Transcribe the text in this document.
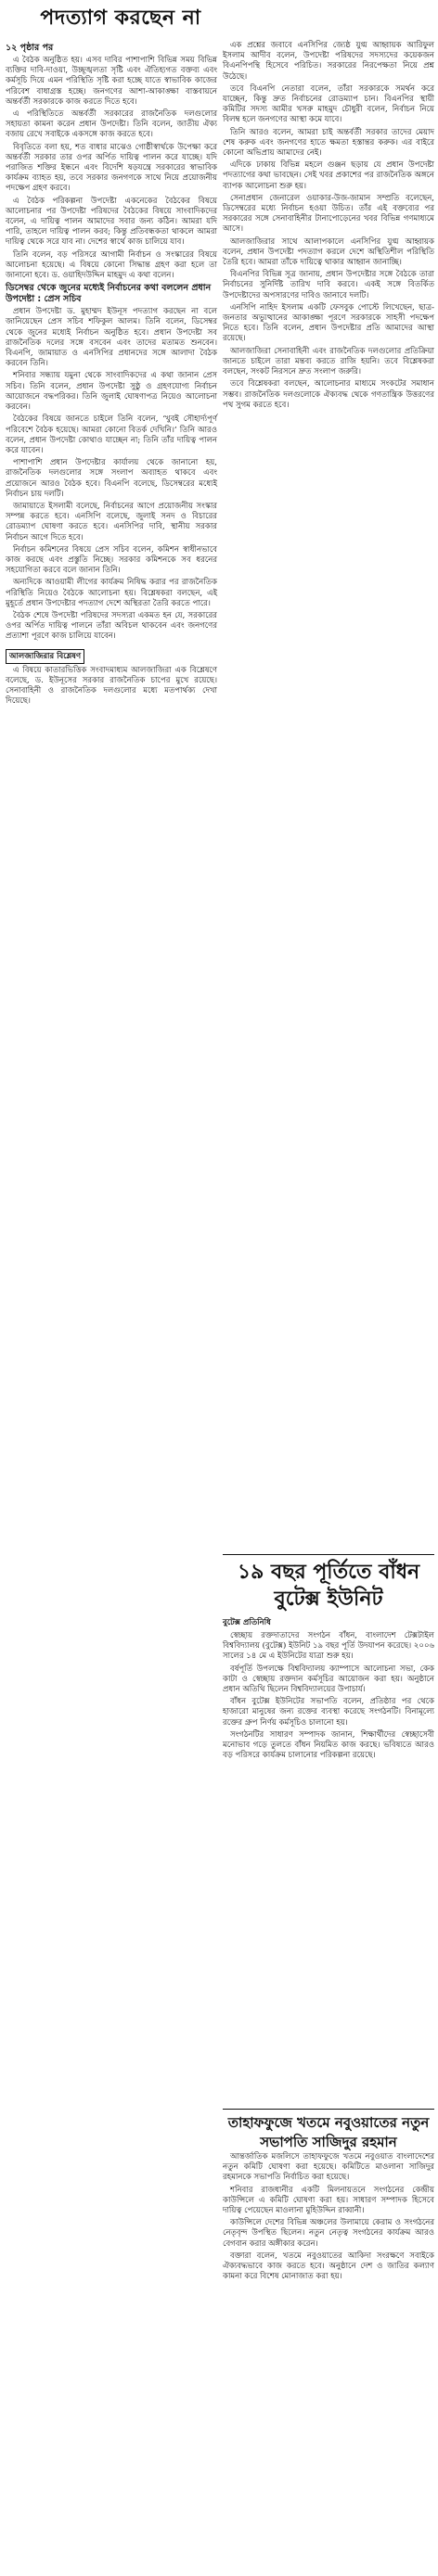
পদত্যাগ করছেন না
১২ পৃষ্ঠার পর

এ বৈঠক অনুষ্ঠিত হয়। এসব দাবির পাশাপাশি বিভিন্ন সময় বিভিন্ন ব্যক্তির দাবি-দাওয়া, উচ্ছৃঙ্খলতা সৃষ্টি এবং ঐতিহ্যগত বক্তব্য এবং কর্মসূচি দিয়ে এমন পরিস্থিতি সৃষ্টি করা হচ্ছে যাতে স্বাভাবিক কাজের পরিবেশ বাধাগ্রস্ত হচ্ছে। জনগণের আশা-আকাঙ্ক্ষা বাস্তবায়নে অন্তর্বর্তী সরকারকে কাজ করতে দিতে হবে।

এ পরিস্থিতিতে অন্তর্বর্তী সরকারের রাজনৈতিক দলগুলোর সহায়তা কামনা করেন প্রধান উপদেষ্টা। তিনি বলেন, জাতীয় ঐক্য বজায় রেখে সবাইকে একসঙ্গে কাজ করতে হবে।

বিবৃতিতে বলা হয়, শত বাধার মাঝেও গোষ্ঠীস্বার্থকে উপেক্ষা করে অন্তর্বর্তী সরকার তার ওপর অর্পিত দায়িত্ব পালন করে যাচ্ছে। যদি পরাজিত শক্তির ইন্ধনে এবং বিদেশি ষড়যন্ত্রে সরকারের স্বাভাবিক কার্যক্রম ব্যাহত হয়, তবে সরকার জনগণকে সাথে নিয়ে প্রয়োজনীয় পদক্ষেপ গ্রহণ করবে।

এ বৈঠক পরিকল্পনা উপদেষ্টা একনেকের বৈঠকের বিষয়ে আলোচনার পর উপদেষ্টা পরিষদের বৈঠকের বিষয়ে সাংবাদিকদের বলেন, এ দায়িত্ব পালন আমাদের সবার জন্য কঠিন। আমরা যদি পারি, তাহলে দায়িত্ব পালন করব; কিন্তু প্রতিবন্ধকতা থাকলে আমরা দায়িত্ব থেকে সরে যাব না। দেশের স্বার্থে কাজ চালিয়ে যাব।

তিনি বলেন, বড় পরিসরে আগামী নির্বাচন ও সংস্কারের বিষয়ে আলোচনা হয়েছে। এ বিষয়ে কোনো সিদ্ধান্ত গ্রহণ করা হলে তা জানানো হবে। ড. ওয়াহিদউদ্দিন মাহমুদ এ কথা বলেন।

ডিসেম্বর থেকে জুনের মধ্যেই নির্বাচনের কথা বললেন প্রধান উপদেষ্টা : প্রেস সচিব

প্রধান উপদেষ্টা ড. মুহাম্মদ ইউনূস পদত্যাগ করছেন না বলে জানিয়েছেন প্রেস সচিব শফিকুল আলম। তিনি বলেন, ডিসেম্বর থেকে জুনের মধ্যেই নির্বাচন অনুষ্ঠিত হবে। প্রধান উপদেষ্টা সব রাজনৈতিক দলের সঙ্গে বসবেন এবং তাদের মতামত শুনবেন। বিএনপি, জামায়াত ও এনসিপির প্রধানদের সঙ্গে আলাদা বৈঠক করবেন তিনি।

শনিবার সন্ধ্যায় যমুনা থেকে সাংবাদিকদের এ কথা জানান প্রেস সচিব। তিনি বলেন, প্রধান উপদেষ্টা সুষ্ঠু ও গ্রহণযোগ্য নির্বাচন আয়োজনে বদ্ধপরিকর। তিনি জুলাই ঘোষণাপত্র নিয়েও আলোচনা করবেন।

বৈঠকের বিষয়ে জানতে চাইলে তিনি বলেন, ‘খুবই সৌহার্দ্যপূর্ণ পরিবেশে বৈঠক হয়েছে। আমরা কোনো বিতর্ক দেখিনি।’ তিনি আরও বলেন, প্রধান উপদেষ্টা কোথাও যাচ্ছেন না; তিনি তাঁর দায়িত্ব পালন করে যাবেন।

পাশাপাশি প্রধান উপদেষ্টার কার্যালয় থেকে জানানো হয়, রাজনৈতিক দলগুলোর সঙ্গে সংলাপ অব্যাহত থাকবে এবং প্রয়োজনে আরও বৈঠক হবে। বিএনপি বলেছে, ডিসেম্বরের মধ্যেই নির্বাচন চায় দলটি।

জামায়াতে ইসলামী বলেছে, নির্বাচনের আগে প্রয়োজনীয় সংস্কার সম্পন্ন করতে হবে। এনসিপি বলেছে, জুলাই সনদ ও বিচারের রোডম্যাপ ঘোষণা করতে হবে। এনসিপির দাবি, স্থানীয় সরকার নির্বাচন আগে দিতে হবে।

নির্বাচন কমিশনের বিষয়ে প্রেস সচিব বলেন, কমিশন স্বাধীনভাবে কাজ করছে এবং প্রস্তুতি নিচ্ছে। সরকার কমিশনকে সব ধরনের সহযোগিতা করবে বলে জানান তিনি।

অন্যদিকে আওয়ামী লীগের কার্যক্রম নিষিদ্ধ করার পর রাজনৈতিক পরিস্থিতি নিয়েও বৈঠকে আলোচনা হয়। বিশ্লেষকরা বলছেন, এই মুহূর্তে প্রধান উপদেষ্টার পদত্যাগ দেশে অস্থিরতা তৈরি করতে পারে।

বৈঠক শেষে উপদেষ্টা পরিষদের সদস্যরা একমত হন যে, সরকারের ওপর অর্পিত দায়িত্ব পালনে তাঁরা অবিচল থাকবেন এবং জনগণের প্রত্যাশা পূরণে কাজ চালিয়ে যাবেন।

আলজাজিরার বিশ্লেষণ

এ বিষয়ে কাতারভিত্তিক সংবাদমাধ্যম আলজাজিরা এক বিশ্লেষণে বলেছে, ড. ইউনূসের সরকার রাজনৈতিক চাপের মুখে রয়েছে। সেনাবাহিনী ও রাজনৈতিক দলগুলোর মধ্যে মতপার্থক্য দেখা দিয়েছে।

এক প্রশ্নের জবাবে এনসিপির জ্যেষ্ঠ যুগ্ম আহ্বায়ক আরিফুল ইসলাম আদীব বলেন, উপদেষ্টা পরিষদের সদস্যদের কয়েকজন বিএনপিপন্থি হিসেবে পরিচিত। সরকারের নিরপেক্ষতা নিয়ে প্রশ্ন উঠেছে।

তবে বিএনপি নেতারা বলেন, তাঁরা সরকারকে সমর্থন করে যাচ্ছেন, কিন্তু দ্রুত নির্বাচনের রোডম্যাপ চান। বিএনপির স্থায়ী কমিটির সদস্য আমীর খসরু মাহমুদ চৌধুরী বলেন, নির্বাচন নিয়ে বিলম্ব হলে জনগণের আস্থা কমে যাবে।

তিনি আরও বলেন, আমরা চাই অন্তর্বর্তী সরকার তাদের মেয়াদ শেষ করুক এবং জনগণের হাতে ক্ষমতা হস্তান্তর করুক। এর বাইরে কোনো অভিপ্রায় আমাদের নেই।

এদিকে ঢাকায় বিভিন্ন মহলে গুঞ্জন ছড়ায় যে প্রধান উপদেষ্টা পদত্যাগের কথা ভাবছেন। সেই খবর প্রকাশের পর রাজনৈতিক অঙ্গনে ব্যাপক আলোচনা শুরু হয়।

সেনাপ্রধান জেনারেল ওয়াকার-উজ-জামান সম্প্রতি বলেছেন, ডিসেম্বরের মধ্যে নির্বাচন হওয়া উচিত। তাঁর এই বক্তব্যের পর সরকারের সঙ্গে সেনাবাহিনীর টানাপোড়েনের খবর বিভিন্ন গণমাধ্যমে আসে।

আলজাজিরার সাথে আলাপকালে এনসিপির যুগ্ম আহ্বায়ক বলেন, প্রধান উপদেষ্টা পদত্যাগ করলে দেশে অস্থিতিশীল পরিস্থিতি তৈরি হবে। আমরা তাঁকে দায়িত্বে থাকার আহ্বান জানাচ্ছি।

বিএনপির বিভিন্ন সূত্র জানায়, প্রধান উপদেষ্টার সঙ্গে বৈঠকে তারা নির্বাচনের সুনির্দিষ্ট তারিখ দাবি করবে। একই সঙ্গে বিতর্কিত উপদেষ্টাদের অপসারণের দাবিও জানাবে দলটি।

এনসিপি নাহিদ ইসলাম একটি ফেসবুক পোস্টে লিখেছেন, ছাত্র-জনতার অভ্যুত্থানের আকাঙ্ক্ষা পূরণে সরকারকে সাহসী পদক্ষেপ নিতে হবে। তিনি বলেন, প্রধান উপদেষ্টার প্রতি আমাদের আস্থা রয়েছে।

আলজাজিরা সেনাবাহিনী এবং রাজনৈতিক দলগুলোর প্রতিক্রিয়া জানতে চাইলে তারা মন্তব্য করতে রাজি হয়নি। তবে বিশ্লেষকরা বলছেন, সংকট নিরসনে দ্রুত সংলাপ জরুরি।

তবে বিশ্লেষকরা বলছেন, আলোচনার মাধ্যমে সংকটের সমাধান সম্ভব। রাজনৈতিক দলগুলোকে ঐক্যবদ্ধ থেকে গণতান্ত্রিক উত্তরণের পথ সুগম করতে হবে।

১৯ বছর পূর্তিতে বাঁধন বুটেক্স ইউনিট
বুটেক্স প্রতিনিধি

স্বেচ্ছায় রক্তদাতাদের সংগঠন বাঁধন, বাংলাদেশ টেক্সটাইল বিশ্ববিদ্যালয় (বুটেক্স) ইউনিট ১৯ বছর পূর্তি উদযাপন করেছে। ২০০৬ সালের ১৪ মে এ ইউনিটের যাত্রা শুরু হয়।

বর্ষপূর্তি উপলক্ষে বিশ্ববিদ্যালয় ক্যাম্পাসে আলোচনা সভা, কেক কাটা ও স্বেচ্ছায় রক্তদান কর্মসূচির আয়োজন করা হয়। অনুষ্ঠানে প্রধান অতিথি ছিলেন বিশ্ববিদ্যালয়ের উপাচার্য।

বাঁধন বুটেক্স ইউনিটের সভাপতি বলেন, প্রতিষ্ঠার পর থেকে হাজারো মানুষের জন্য রক্তের ব্যবস্থা করেছে সংগঠনটি। বিনামূল্যে রক্তের গ্রুপ নির্ণয় কর্মসূচিও চালানো হয়।

সংগঠনটির সাধারণ সম্পাদক জানান, শিক্ষার্থীদের স্বেচ্ছাসেবী মনোভাব গড়ে তুলতে বাঁধন নিয়মিত কাজ করছে। ভবিষ্যতে আরও বড় পরিসরে কার্যক্রম চালানোর পরিকল্পনা রয়েছে।

তাহাফফুজে খতমে নবুওয়াতের নতুন সভাপতি সাজিদুর রহমান

আন্তর্জাতিক মজলিসে তাহাফফুজে খতমে নবুওয়াত বাংলাদেশের নতুন কমিটি ঘোষণা করা হয়েছে। কমিটিতে মাওলানা সাজিদুর রহমানকে সভাপতি নির্বাচিত করা হয়েছে।

শনিবার রাজধানীর একটি মিলনায়তনে সংগঠনের কেন্দ্রীয় কাউন্সিলে এ কমিটি ঘোষণা করা হয়। সাধারণ সম্পাদক হিসেবে দায়িত্ব পেয়েছেন মাওলানা মুহিউদ্দিন রাব্বানী।

কাউন্সিলে দেশের বিভিন্ন অঞ্চলের উলামায়ে কেরাম ও সংগঠনের নেতৃবৃন্দ উপস্থিত ছিলেন। নতুন নেতৃত্ব সংগঠনের কার্যক্রম আরও বেগবান করার অঙ্গীকার করেন।

বক্তারা বলেন, খতমে নবুওয়াতের আকিদা সংরক্ষণে সবাইকে ঐক্যবদ্ধভাবে কাজ করতে হবে। অনুষ্ঠানে দেশ ও জাতির কল্যাণ কামনা করে বিশেষ মোনাজাত করা হয়।
